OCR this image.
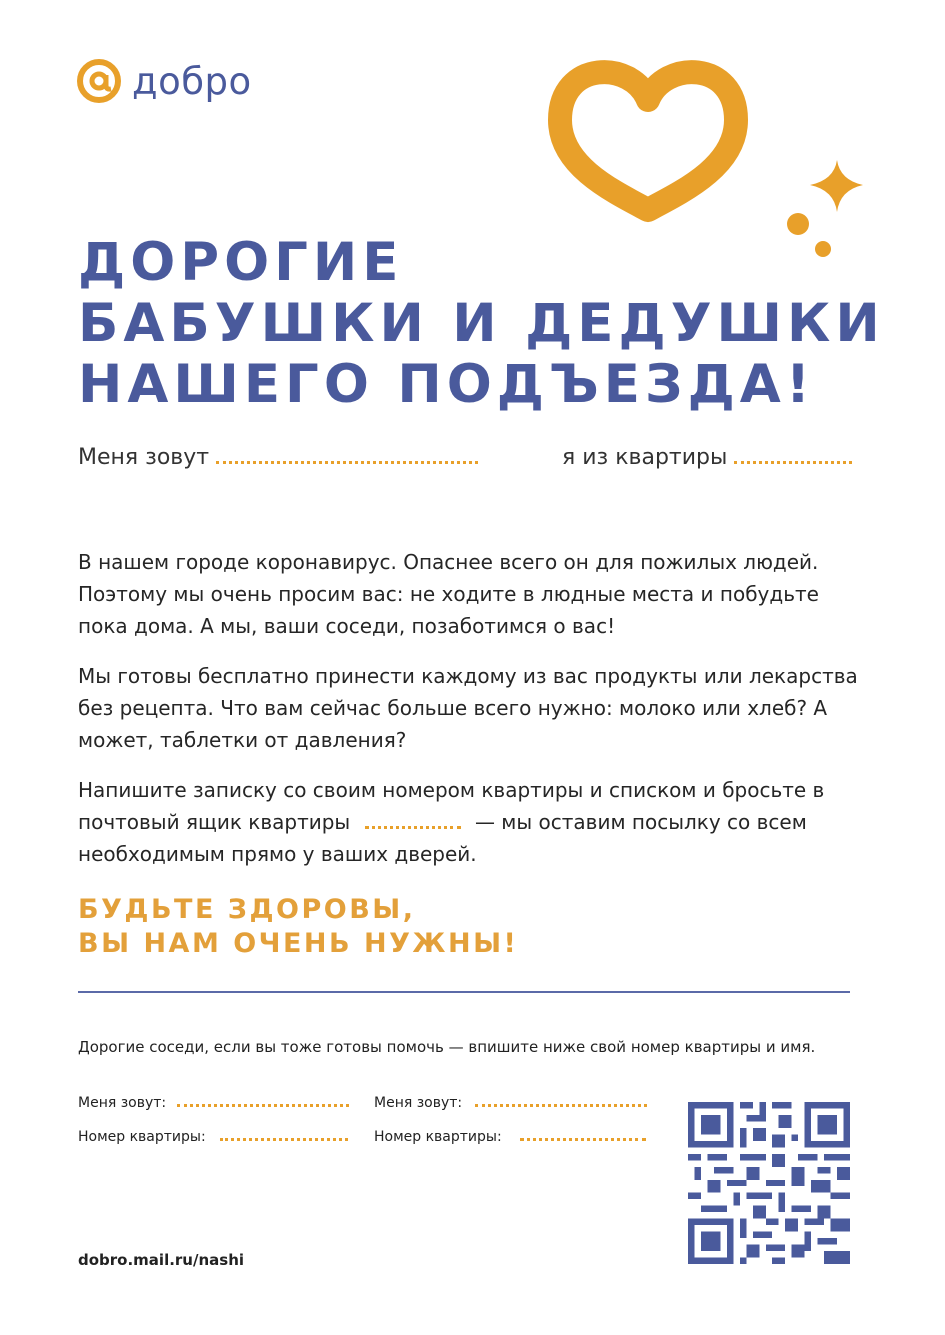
добро
ДОРОГИЕ
БАБУШКИ И ДЕДУШКИ
НАШЕГО ПОДЪЕЗДА!
Меня зовут	я из квартиры

В нашем городе коронавирус. Опаснее всего он для пожилых людей. Поэтому мы очень просим вас: не ходите в людные места и побудьте пока дома. А мы, ваши соседи, позаботимся о вас!

Мы готовы бесплатно принести каждому из вас продукты или лекарства без рецепта. Что вам сейчас больше всего нужно: молоко или хлеб? А может, таблетки от давления?

Напишите записку со своим номером квартиры и списком и бросьте в почтовый ящик квартиры	— мы оставим посылку со всем необходимым прямо у ваших дверей.

БУДЬТЕ ЗДОРОВЫ,
ВЫ НАМ ОЧЕНЬ НУЖНЫ!
Дорогие соседи, если вы тоже готовы помочь — впишите ниже свой номер квартиры и имя.
Меня зовут:
Номер квартиры:
Меня зовут:
Номер квартиры:
dobro.mail.ru/nashi
